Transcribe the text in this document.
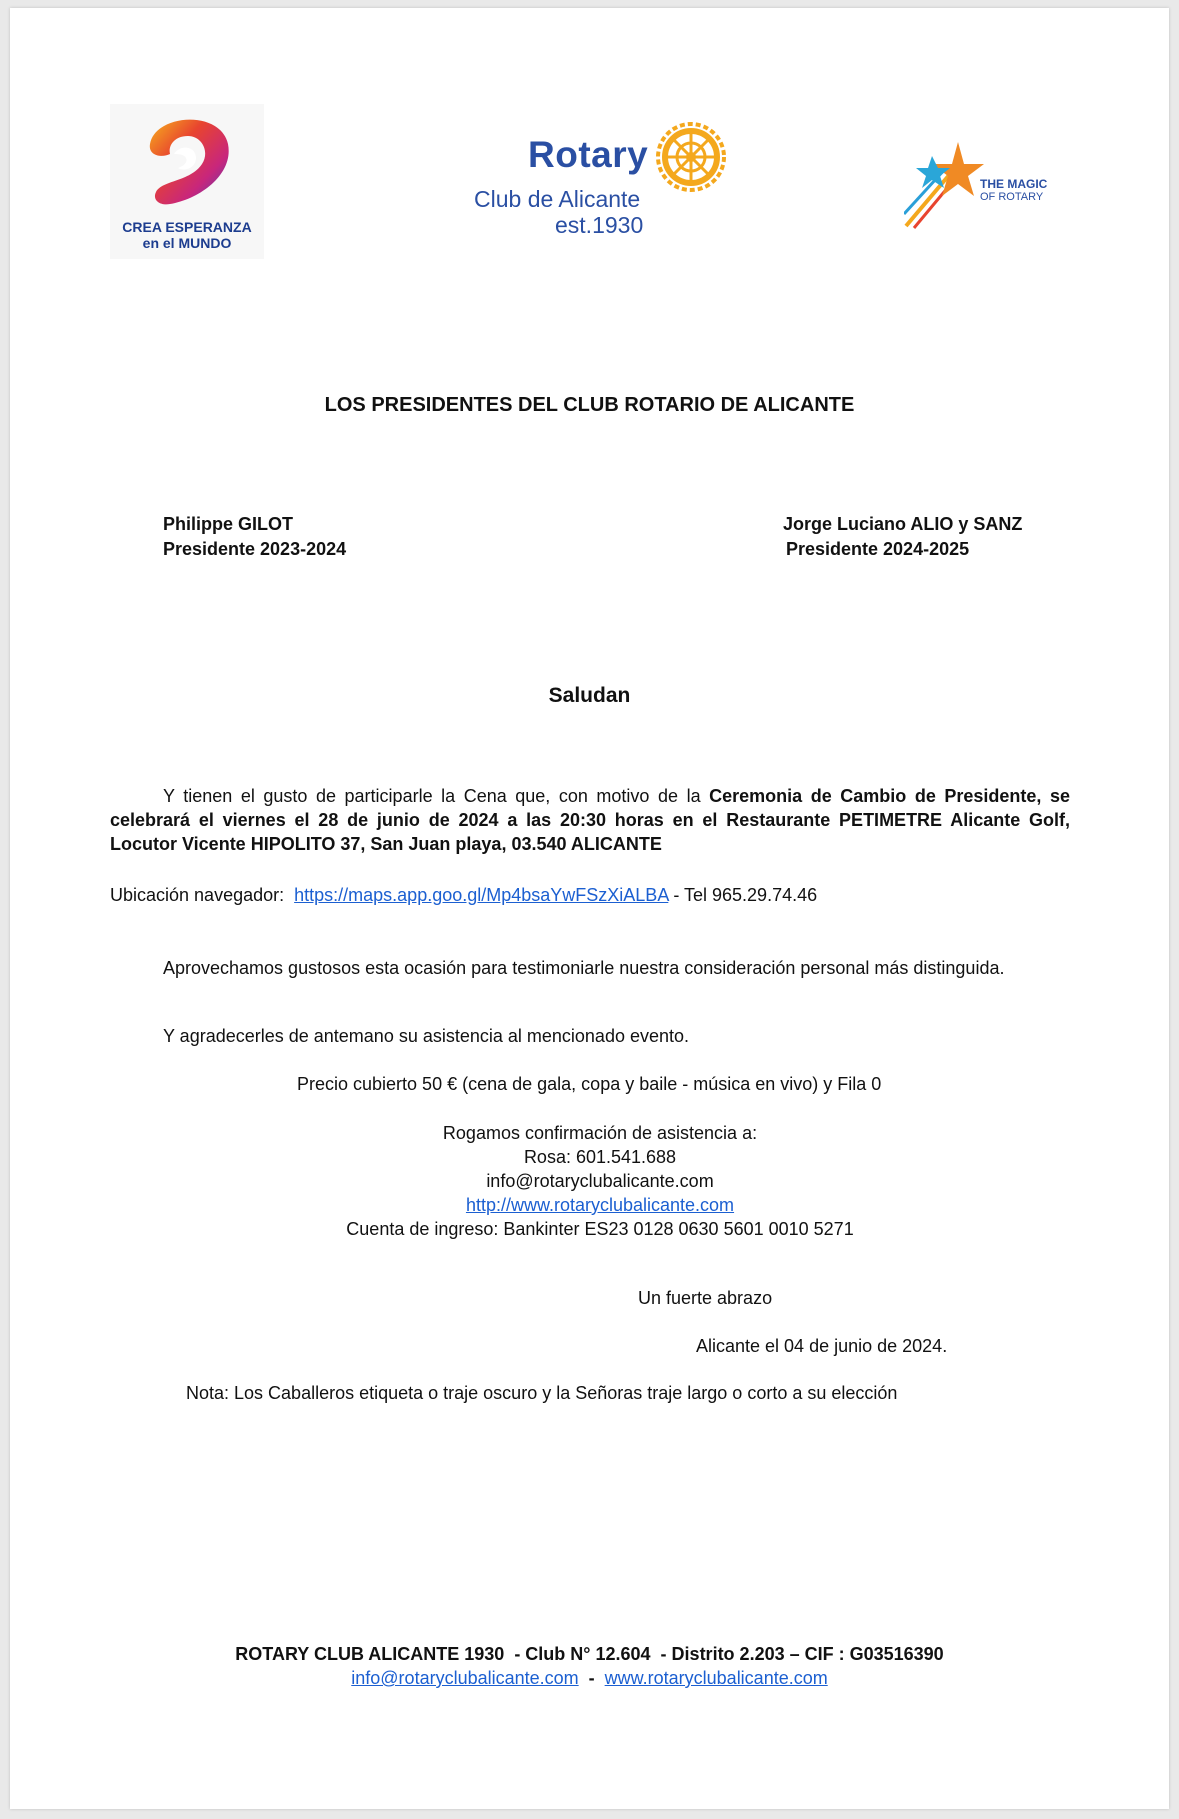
CREA ESPERANZA
en el MUNDO
Rotary
Club de Alicante
est.1930
THE MAGIC
OF ROTARY
LOS PRESIDENTES DEL CLUB ROTARIO DE ALICANTE
Philippe GILOT
Presidente 2023-2024
Jorge Luciano ALIO y SANZ
Presidente 2024-2025
Saludan
Y tienen el gusto de participarle la Cena que, con motivo de la Ceremonia de Cambio de Presidente, se celebrará el viernes el 28 de junio de 2024 a las 20:30 horas en el Restaurante PETIMETRE Alicante Golf, Locutor Vicente HIPOLITO 37, San Juan playa, 03.540 ALICANTE
Ubicación navegador:  https://maps.app.goo.gl/Mp4bsaYwFSzXiALBA - Tel 965.29.74.46
Aprovechamos gustosos esta ocasión para testimoniarle nuestra consideración personal más distinguida.
Y agradecerles de antemano su asistencia al mencionado evento.
Precio cubierto 50 € (cena de gala, copa y baile - música en vivo) y Fila 0
Rogamos confirmación de asistencia a:
Rosa: 601.541.688
info@rotaryclubalicante.com
http://www.rotaryclubalicante.com
Cuenta de ingreso: Bankinter ES23 0128 0630 5601 0010 5271
Un fuerte abrazo
Alicante el 04 de junio de 2024.
Nota: Los Caballeros etiqueta o traje oscuro y la Señoras traje largo o corto a su elección
ROTARY CLUB ALICANTE 1930  - Club N° 12.604  - Distrito 2.203 – CIF : G03516390
info@rotaryclubalicante.com  -  www.rotaryclubalicante.com
